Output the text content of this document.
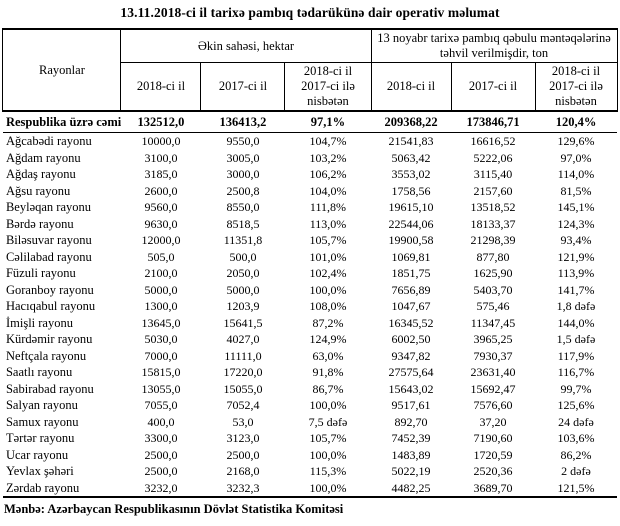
13.11.2018-ci il tarixə pambıq tədarükünə dair operativ məlumat
Rayonlar	Əkin sahəsi, hektar			13 noyabr tarixə pambıq qəbulu məntəqələrinə təhvil verilmişdir, ton		
	2018-ci il	2017-ci il	2018-ci il 2017-ci ilə nisbətən	2018-ci il	2017-ci il	2018-ci il 2017-ci ilə nisbətən
Respublika üzrə cəmi	132512,0	136413,2	97,1%	209368,22	173846,71	120,4%
Ağcabədi rayonu	10000,0	9550,0	104,7%	21541,83	16616,52	129,6%
Ağdam rayonu	3100,0	3005,0	103,2%	5063,42	5222,06	97,0%
Ağdaş rayonu	3185,0	3000,0	106,2%	3553,02	3115,40	114,0%
Ağsu rayonu	2600,0	2500,8	104,0%	1758,56	2157,60	81,5%
Beyləqan rayonu	9560,0	8550,0	111,8%	19615,10	13518,52	145,1%
Bərdə rayonu	9630,0	8518,5	113,0%	22544,06	18133,37	124,3%
Biləsuvar rayonu	12000,0	11351,8	105,7%	19900,58	21298,39	93,4%
Cəlilabad rayonu	505,0	500,0	101,0%	1069,81	877,80	121,9%
Füzuli rayonu	2100,0	2050,0	102,4%	1851,75	1625,90	113,9%
Goranboy rayonu	5000,0	5000,0	100,0%	7656,89	5403,70	141,7%
Hacıqabul rayonu	1300,0	1203,9	108,0%	1047,67	575,46	1,8 dəfə
İmişli rayonu	13645,0	15641,5	87,2%	16345,52	11347,45	144,0%
Kürdəmir rayonu	5030,0	4027,0	124,9%	6002,50	3965,25	1,5 dəfə
Neftçala rayonu	7000,0	11111,0	63,0%	9347,82	7930,37	117,9%
Saatlı rayonu	15815,0	17220,0	91,8%	27575,64	23631,40	116,7%
Sabirabad rayonu	13055,0	15055,0	86,7%	15643,02	15692,47	99,7%
Salyan rayonu	7055,0	7052,4	100,0%	9517,61	7576,60	125,6%
Samux rayonu	400,0	53,0	7,5 dəfə	892,70	37,20	24 dəfə
Tərtər rayonu	3300,0	3123,0	105,7%	7452,39	7190,60	103,6%
Ucar rayonu	2500,0	2500,0	100,0%	1483,89	1720,59	86,2%
Yevlax şəhəri	2500,0	2168,0	115,3%	5022,19	2520,36	2 dəfə
Zərdab rayonu	3232,0	3232,3	100,0%	4482,25	3689,70	121,5%
Mənbə: Azərbaycan Respublikasının Dövlət Statistika Komitəsi
